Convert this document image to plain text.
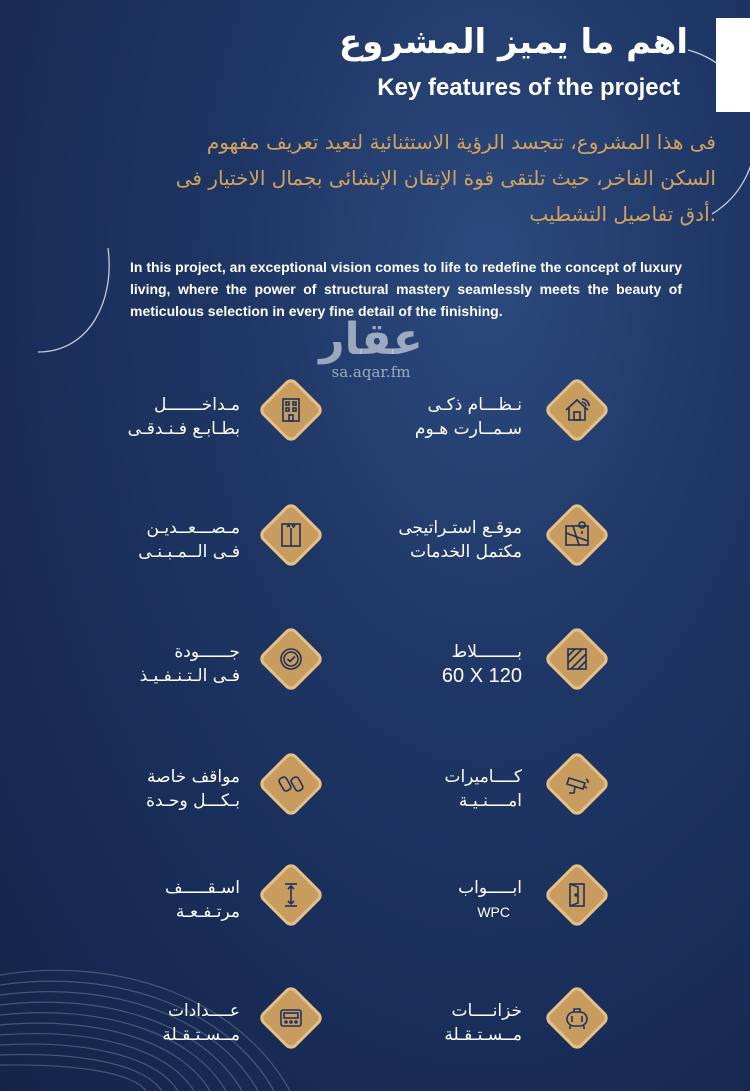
اهم ما يميز المشروع
Key features of the project
فى هذا المشروع، تتجسد الرؤية الاستثنائية لتعيد تعريف مفهوم
السكن الفاخر، حيث تلتقى قوة الإتقان الإنشائى بجمال الاختيار فى
.أدق تفاصيل التشطيب
In this project, an exceptional vision comes to life to redefine the concept of luxury living, where the power of structural mastery seamlessly meets the beauty of meticulous selection in every fine detail of the finishing.
عقار
sa.aqar.fm
نـظـــام ذكـى
سـمــارت هـوم
مـداخـــــــل
بطـابـع فـنـدقـى
موقـع استـراتيجى
مكتمل الخدمات
مـصـــعــديـن
فـى الــمـبـنـى
بــــــــلاط
60 X 120
جــــــودة
فـى الـتـنـفـيـذ
كــــاميرات
امــــنـيـة
مواقف خاصة
بـكـــل وحـدة
ابـــــواب
WPC
اسـقـــــف
مرتـفـعـة
خزانــــات
مــسـتـقـلة
عــــدادات
مــسـتـقـلة
